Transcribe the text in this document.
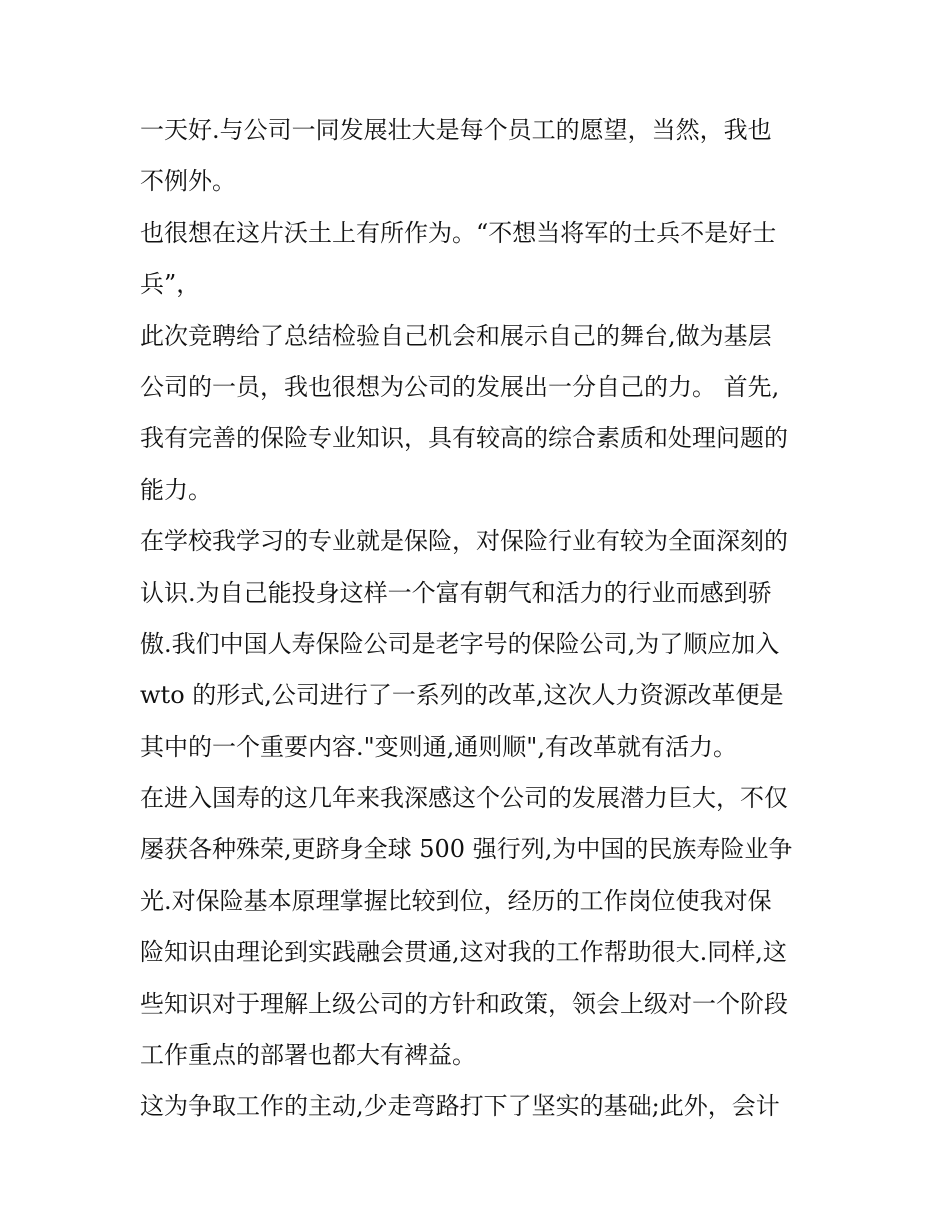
一天好.与公司一同发展壮大是每个员工的愿望，当然，我也
不例外。
也很想在这片沃土上有所作为。“不想当将军的士兵不是好士
兵”，
此次竞聘给了总结检验自己机会和展示自己的舞台,做为基层
公司的一员，我也很想为公司的发展出一分自己的力。 首先,
我有完善的保险专业知识，具有较高的综合素质和处理问题的
能力。
在学校我学习的专业就是保险，对保险行业有较为全面深刻的
认识.为自己能投身这样一个富有朝气和活力的行业而感到骄
傲.我们中国人寿保险公司是老字号的保险公司,为了顺应加入
wto 的形式,公司进行了一系列的改革,这次人力资源改革便是
其中的一个重要内容."变则通,通则顺",有改革就有活力。
在进入国寿的这几年来我深感这个公司的发展潜力巨大，不仅
屡获各种殊荣,更跻身全球 500 强行列,为中国的民族寿险业争
光.对保险基本原理掌握比较到位，经历的工作岗位使我对保
险知识由理论到实践融会贯通,这对我的工作帮助很大.同样,这
些知识对于理解上级公司的方针和政策，领会上级对一个阶段
工作重点的部署也都大有裨益。
这为争取工作的主动,少走弯路打下了坚实的基础;此外，会计
